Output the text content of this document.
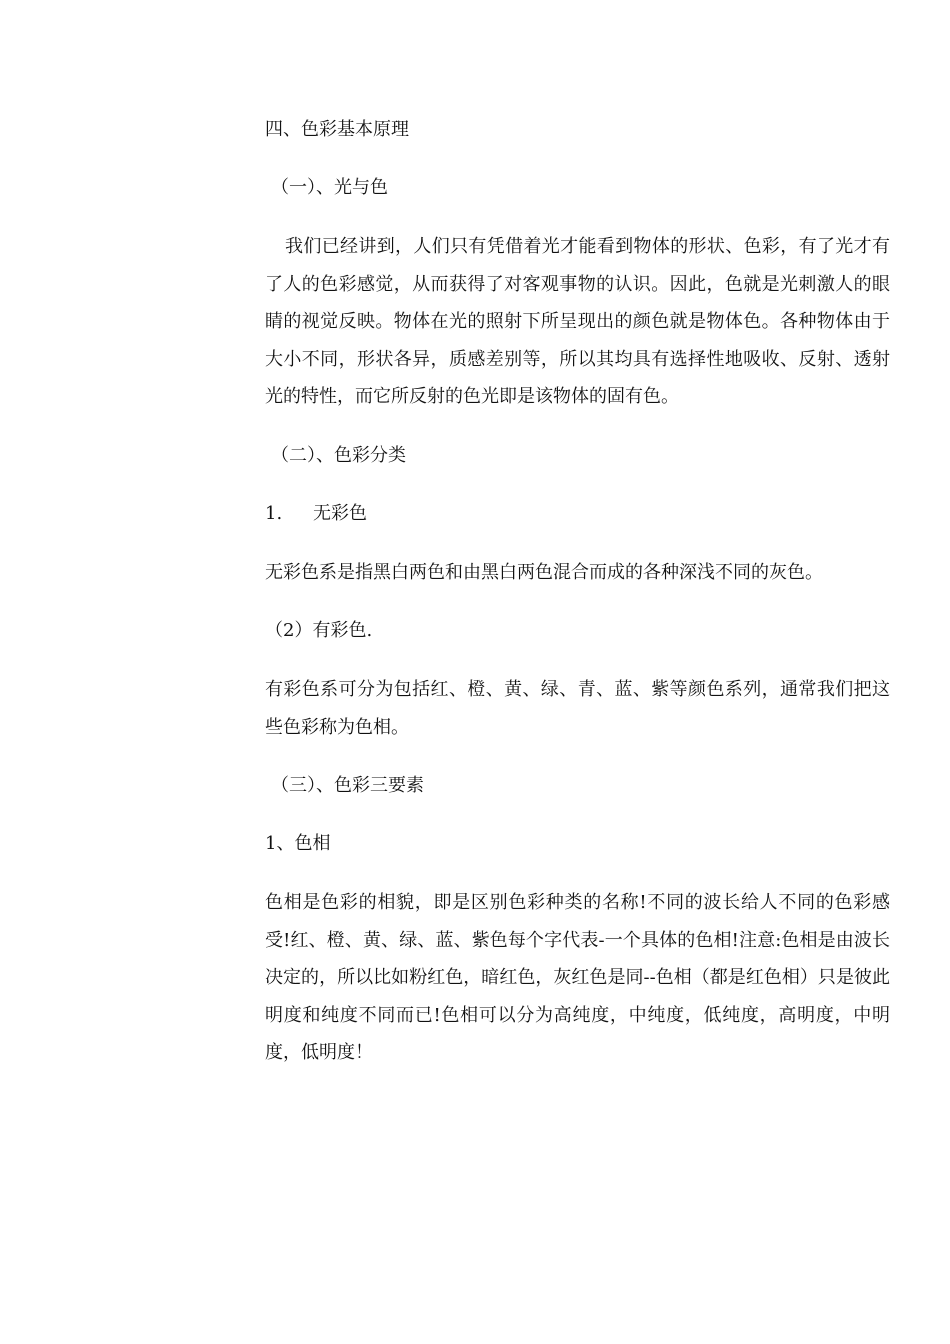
四、色彩基本原理

（一）、光与色

我们已经讲到，人们只有凭借着光才能看到物体的形状、色彩，有了光才有了人的色彩感觉，从而获得了对客观事物的认识。因此，色就是光刺激人的眼睛的视觉反映。物体在光的照射下所呈现出的颜色就是物体色。各种物体由于大小不同，形状各异，质感差别等，所以其均具有选择性地吸收、反射、透射光的特性，而它所反射的色光即是该物体的固有色。

（二）、色彩分类

1. 无彩色

无彩色系是指黑白两色和由黑白两色混合而成的各种深浅不同的灰色。

（2）有彩色.

有彩色系可分为包括红、橙、黄、绿、青、蓝、紫等颜色系列，通常我们把这些色彩称为色相。

（三）、色彩三要素

1、色相

色相是色彩的相貌，即是区别色彩种类的名称!不同的波长给人不同的色彩感受!红、橙、黄、绿、蓝、紫色每个字代表-一个具体的色相!注意:色相是由波长决定的，所以比如粉红色，暗红色，灰红色是同--色相（都是红色相）只是彼此明度和纯度不同而已!色相可以分为高纯度，中纯度，低纯度，高明度，中明度，低明度！
